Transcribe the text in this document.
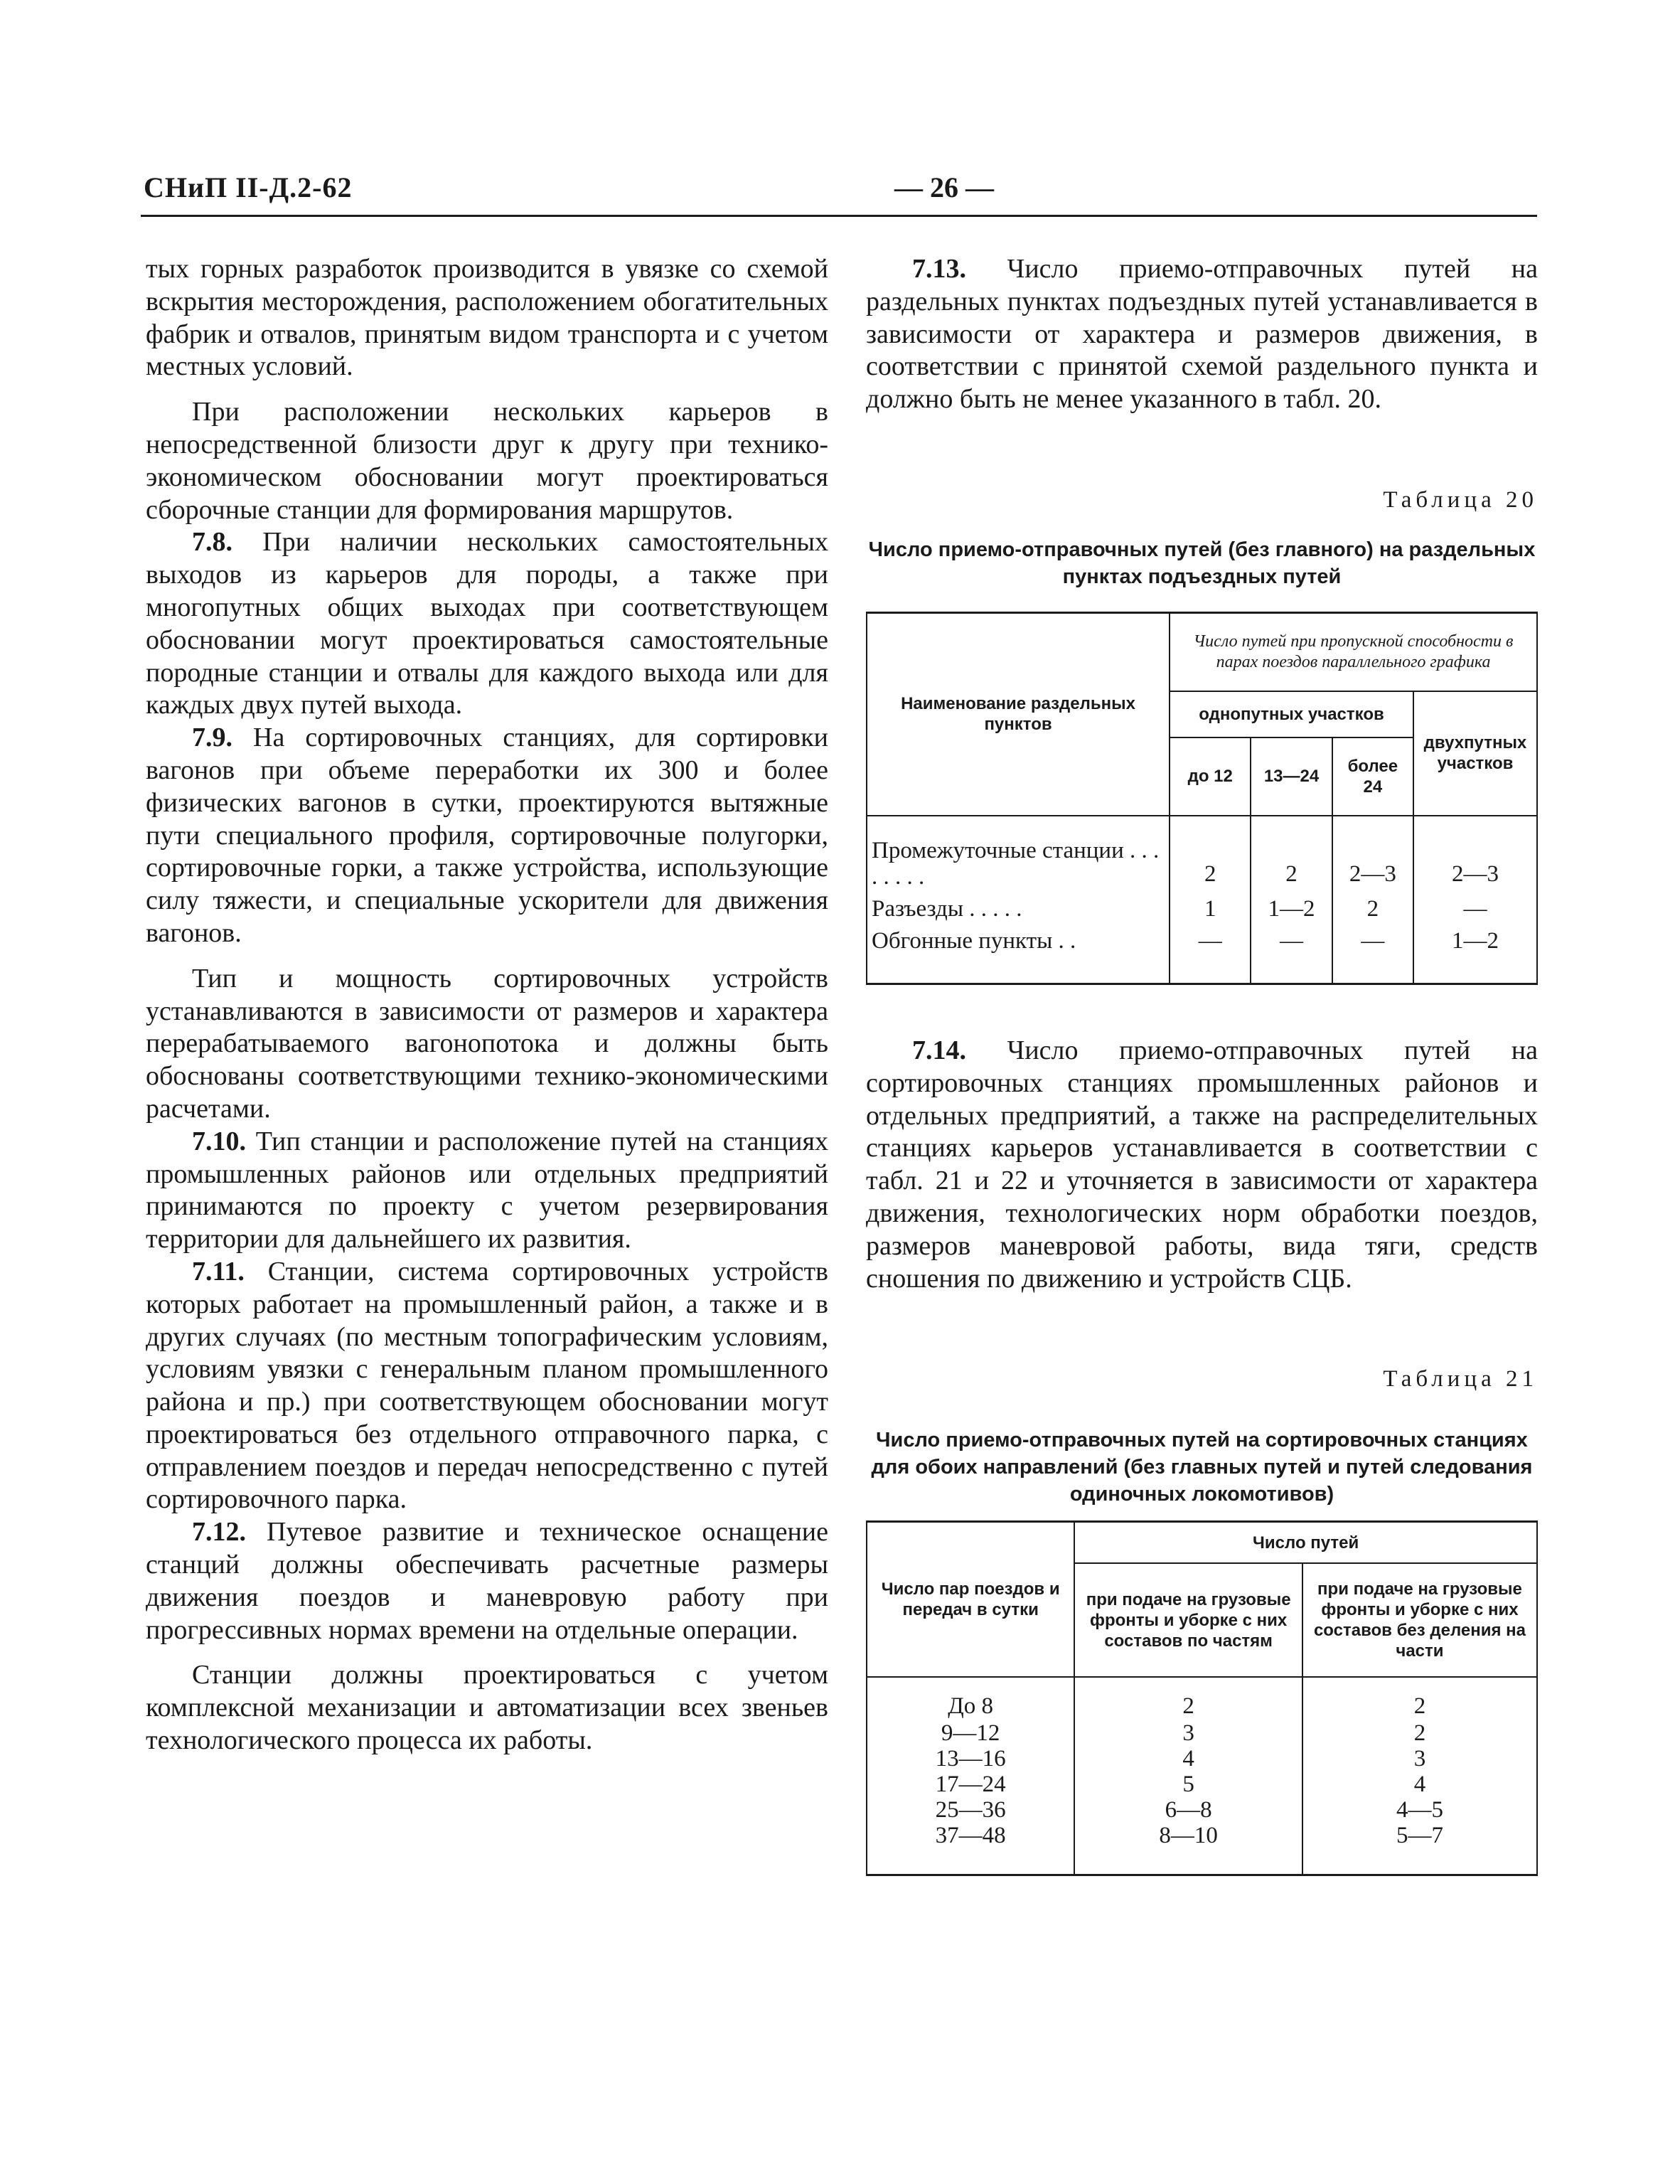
СНиП II-Д.2-62	— 26 —

тых горных разработок производится в увязке со схемой вскрытия месторождения, расположением обогатительных фабрик и отвалов, принятым видом транспорта и с учетом местных условий.

При расположении нескольких карьеров в непосредственной близости друг к другу при технико-экономическом обосновании могут проектироваться сборочные станции для формирования маршрутов.

7.8. При наличии нескольких самостоятельных выходов из карьеров для породы, а также при многопутных общих выходах при соответствующем обосновании могут проектироваться самостоятельные породные станции и отвалы для каждого выхода или для каждых двух путей выхода.

7.9. На сортировочных станциях, для сортировки вагонов при объеме переработки их 300 и более физических вагонов в сутки, проектируются вытяжные пути специального профиля, сортировочные полугорки, сортировочные горки, а также устройства, использующие силу тяжести, и специальные ускорители для движения вагонов.

Тип и мощность сортировочных устройств устанавливаются в зависимости от размеров и характера перерабатываемого вагонопотока и должны быть обоснованы соответствующими технико-экономическими расчетами.

7.10. Тип станции и расположение путей на станциях промышленных районов или отдельных предприятий принимаются по проекту с учетом резервирования территории для дальнейшего их развития.

7.11. Станции, система сортировочных устройств которых работает на промышленный район, а также и в других случаях (по местным топографическим условиям, условиям увязки с генеральным планом промышленного района и пр.) при соответствующем обосновании могут проектироваться без отдельного отправочного парка, с отправлением поездов и передач непосредственно с путей сортировочного парка.

7.12. Путевое развитие и техническое оснащение станций должны обеспечивать расчетные размеры движения поездов и маневровую работу при прогрессивных нормах времени на отдельные операции.

Станции должны проектироваться с учетом комплексной механизации и автоматизации всех звеньев технологического процесса их работы.

7.13. Число приемо-отправочных путей на раздельных пунктах подъездных путей устанавливается в зависимости от характера и размеров движения, в соответствии с принятой схемой раздельного пункта и должно быть не менее указанного в табл. 20.

Таблица 20

Число приемо-отправочных путей (без главного) на раздельных пунктах подъездных путей

Наименование раздельных пунктов	Число путей при пропускной способности в парах поездов параллельного графика			
	однопутных участков			двухпутных участков
	до 12	13—24	более 24	
Промежуточные станции . . . . . . . .	2	2	2—3	2—3
Разъезды . . . . .	1	1—2	2	—
Обгонные пункты . .	—	—	—	1—2

7.14. Число приемо-отправочных путей на сортировочных станциях промышленных районов и отдельных предприятий, а также на распределительных станциях карьеров устанавливается в соответствии с табл. 21 и 22 и уточняется в зависимости от характера движения, технологических норм обработки поездов, размеров маневровой работы, вида тяги, средств сношения по движению и устройств СЦБ.

Таблица 21

Число приемо-отправочных путей на сортировочных станциях для обоих направлений (без главных путей и путей следования одиночных локомотивов)

Число пар поездов и передач в сутки	Число путей	
	при подаче на грузовые фронты и уборке с них составов по частям	при подаче на грузовые фронты и уборке с них составов без деления на части
До 8	2	2
9—12	3	2
13—16	4	3
17—24	5	4
25—36	6—8	4—5
37—48	8—10	5—7
